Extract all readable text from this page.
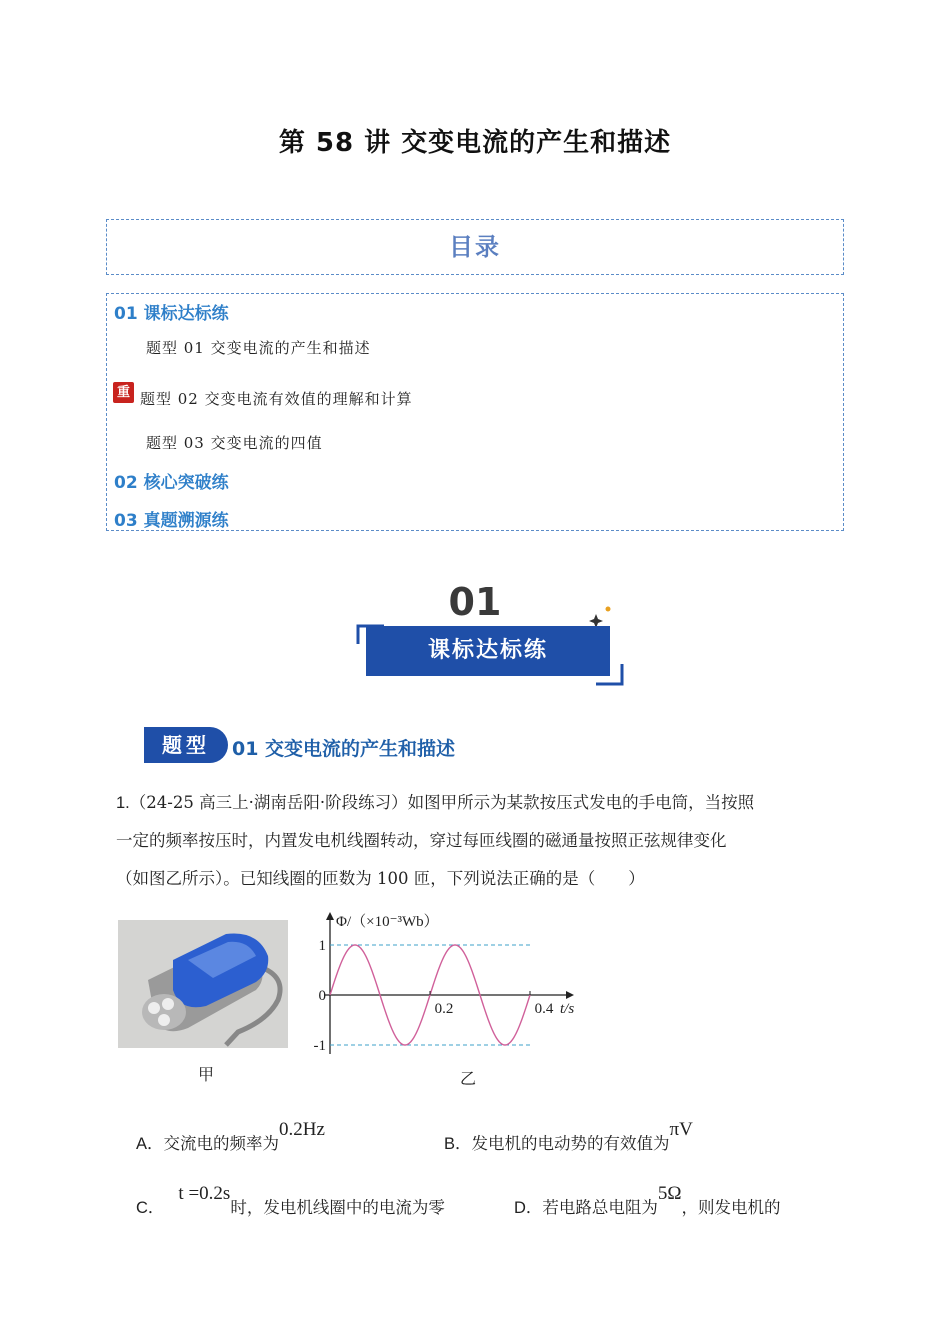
第 58 讲 交变电流的产生和描述
目录
01 课标达标练
题型 01 交变电流的产生和描述
重 题型 02 交变电流有效值的理解和计算
题型 03 交变电流的四值
02 核心突破练
03 真题溯源练
01
课标达标练
题型	01 交变电流的产生和描述
1.（24-25 高三上·湖南岳阳·阶段练习）如图甲所示为某款按压式发电的手电筒，当按照
一定的频率按压时，内置发电机线圈转动，穿过每匝线圈的磁通量按照正弦规律变化
（如图乙所示）。已知线圈的匝数为 100 匝，下列说法正确的是（　　）
甲
Φ/（×10⁻³Wb）
1
0
-1
0.2	0.4 t/s
乙
A．交流电的频率为0.2Hz
B．发电机的电动势的有效值为πV
C．t =0.2s时，发电机线圈中的电流为零	D．若电路总电阻为5Ω，则发电机的
